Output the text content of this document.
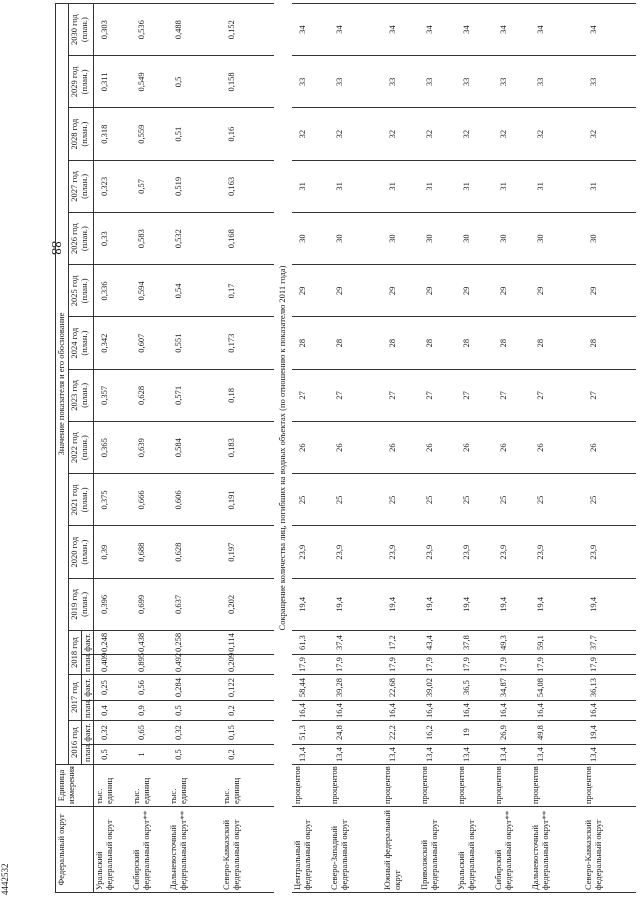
88
Федеральный округ	Единица измерения	Значение показателя и его обоснование																	
		2016 год		2017 год		2018 год		2019 год (план.)	2020 год (план.)	2021 год (план.)	2022 год (план.)	2023 год (план.)	2024 год (план.)	2025 год (план.)	2026 год (план.)	2027 год (план.)	2028 год (план.)	2029 год (план.)	2030 год (план.)
		план.	факт.	план.	факт.	план.	факт.												
Уральский федеральный округ	тыс. единиц	0,5	0,32	0,4	0,25	0,409	0,248	0,396	0,39	0,375	0,365	0,357	0,342	0,336	0,33	0,323	0,318	0,311	0,303
Сибирский федеральный округ**	тыс. единиц	1	0,65	0,9	0,56	0,895	0,438	0,699	0,688	0,666	0,639	0,628	0,607	0,594	0,583	0,57	0,559	0,549	0,536
Дальневосточный федеральный округ**	тыс. единиц	0,5	0,32	0,5	0,284	0,492	0,258	0,637	0,628	0,606	0,584	0,571	0,551	0,54	0,532	0,519	0,51	0,5	0,488
Северо-Кавказский федеральный округ	тыс. единиц	0,2	0,15	0,2	0,122	0,209	0,114	0,202	0,197	0,191	0,183	0,18	0,173	0,17	0,168	0,163	0,16	0,158	0,152
Сокращение количества лиц, погибших на водных объектах (по отношению к показателю 2011 года)																			
Центральный федеральный округ	процентов	13,4	51,3	16,4	58,44	17,9	61,3	19,4	23,9	25	26	27	28	29	30	31	32	33	34
Северо-Западный федеральный округ	процентов	13,4	24,8	16,4	39,28	17,9	37,4	19,4	23,9	25	26	27	28	29	30	31	32	33	34
Южный федеральный округ	процентов	13,4	22,2	16,4	22,68	17,9	17,2	19,4	23,9	25	26	27	28	29	30	31	32	33	34
Приволжский федеральный округ	процентов	13,4	16,2	16,4	39,02	17,9	43,4	19,4	23,9	25	26	27	28	29	30	31	32	33	34
Уральский федеральный округ	процентов	13,4	19	16,4	36,5	17,9	37,8	19,4	23,9	25	26	27	28	29	30	31	32	33	34
Сибирский федеральный округ**	процентов	13,4	26,9	16,4	34,87	17,9	49,3	19,4	23,9	25	26	27	28	29	30	31	32	33	34
Дальневосточный федеральный округ**	процентов	13,4	49,8	16,4	54,08	17,9	59,1	19,4	23,9	25	26	27	28	29	30	31	32	33	34
Северо-Кавказский федеральный округ	процентов	13,4	19,4	16,4	36,13	17,9	37,7	19,4	23,9	25	26	27	28	29	30	31	32	33	34
4442532
